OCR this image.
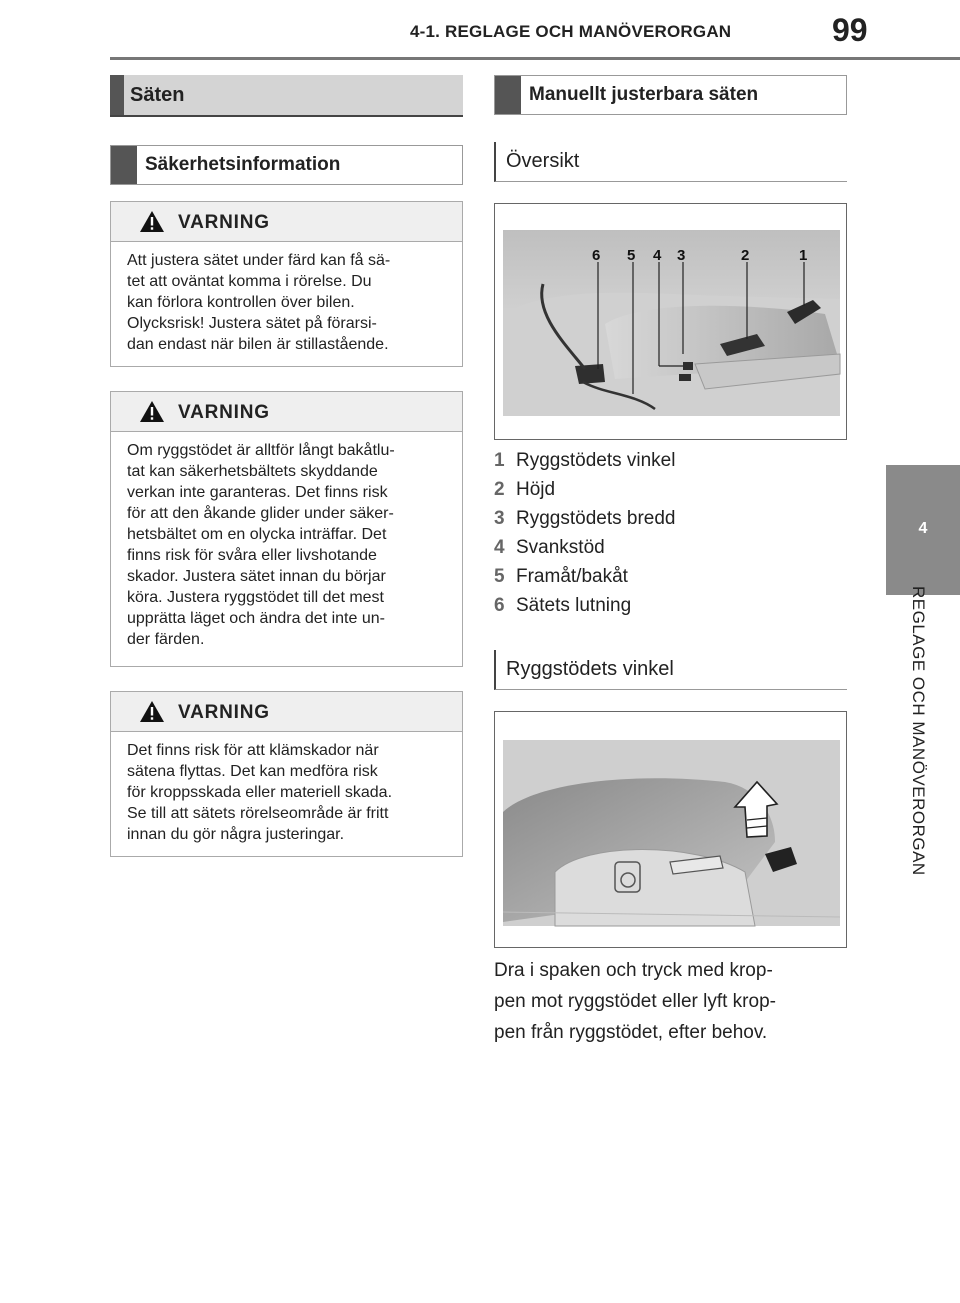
4-1. REGLAGE OCH MANÖVERORGAN	99
4
REGLAGE OCH MANÖVERORGAN
Säten
Säkerhetsinformation
VARNING
Att justera sätet under färd kan få sä-
tet att oväntat komma i rörelse. Du
kan förlora kontrollen över bilen.
Olycksrisk! Justera sätet på förarsi-
dan endast när bilen är stillastående.
VARNING
Om ryggstödet är alltför långt bakåtlu-
tat kan säkerhetsbältets skyddande
verkan inte garanteras. Det finns risk
för att den åkande glider under säker-
hetsbältet om en olycka inträffar. Det
finns risk för svåra eller livshotande
skador. Justera sätet innan du börjar
köra. Justera ryggstödet till det mest
upprätta läget och ändra det inte un-
der färden.
VARNING
Det finns risk för att klämskador när
sätena flyttas. Det kan medföra risk
för kroppsskada eller materiell skada.
Se till att sätets rörelseområde är fritt
innan du gör några justeringar.
Manuellt justerbara säten
Översikt
6 5 4 3	2	1
1 Ryggstödets vinkel
2 Höjd
3 Ryggstödets bredd
4 Svankstöd
5 Framåt/bakåt
6 Sätets lutning
Ryggstödets vinkel
Dra i spaken och tryck med krop-
pen mot ryggstödet eller lyft krop-
pen från ryggstödet, efter behov.
